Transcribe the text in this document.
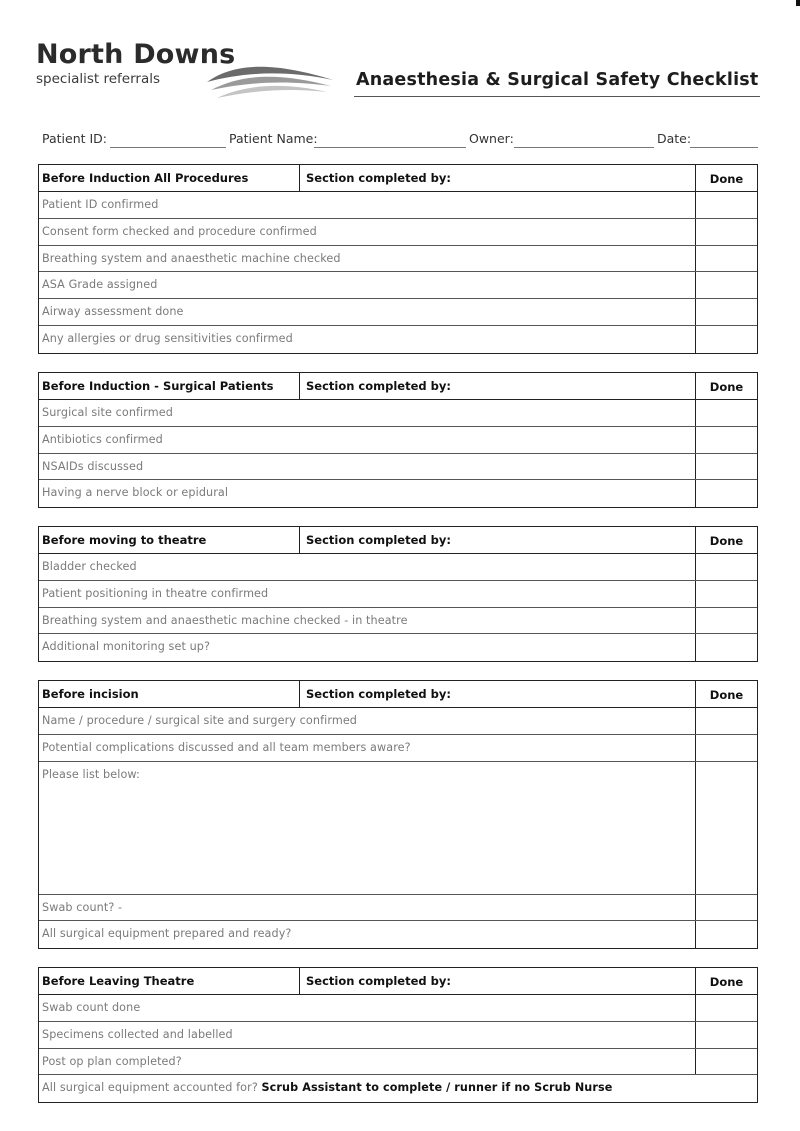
North Downs
specialist referrals	Anaesthesia & Surgical Safety Checklist
Patient ID:	Patient Name:	Owner:	Date:
Before Induction All Procedures	Section completed by:	Done
Patient ID confirmed
Consent form checked and procedure confirmed
Breathing system and anaesthetic machine checked
ASA Grade assigned
Airway assessment done
Any allergies or drug sensitivities confirmed
Before Induction - Surgical Patients	Section completed by:	Done
Surgical site confirmed
Antibiotics confirmed
NSAIDs discussed
Having a nerve block or epidural
Before moving to theatre	Section completed by:	Done
Bladder checked
Patient positioning in theatre confirmed
Breathing system and anaesthetic machine checked - in theatre
Additional monitoring set up?
Before incision	Section completed by:	Done
Name / procedure / surgical site and surgery confirmed
Potential complications discussed and all team members aware?
Please list below:
Swab count? -
All surgical equipment prepared and ready?
Before Leaving Theatre	Section completed by:	Done
Swab count done
Specimens collected and labelled
Post op plan completed?
All surgical equipment accounted for? Scrub Assistant to complete / runner if no Scrub Nurse
